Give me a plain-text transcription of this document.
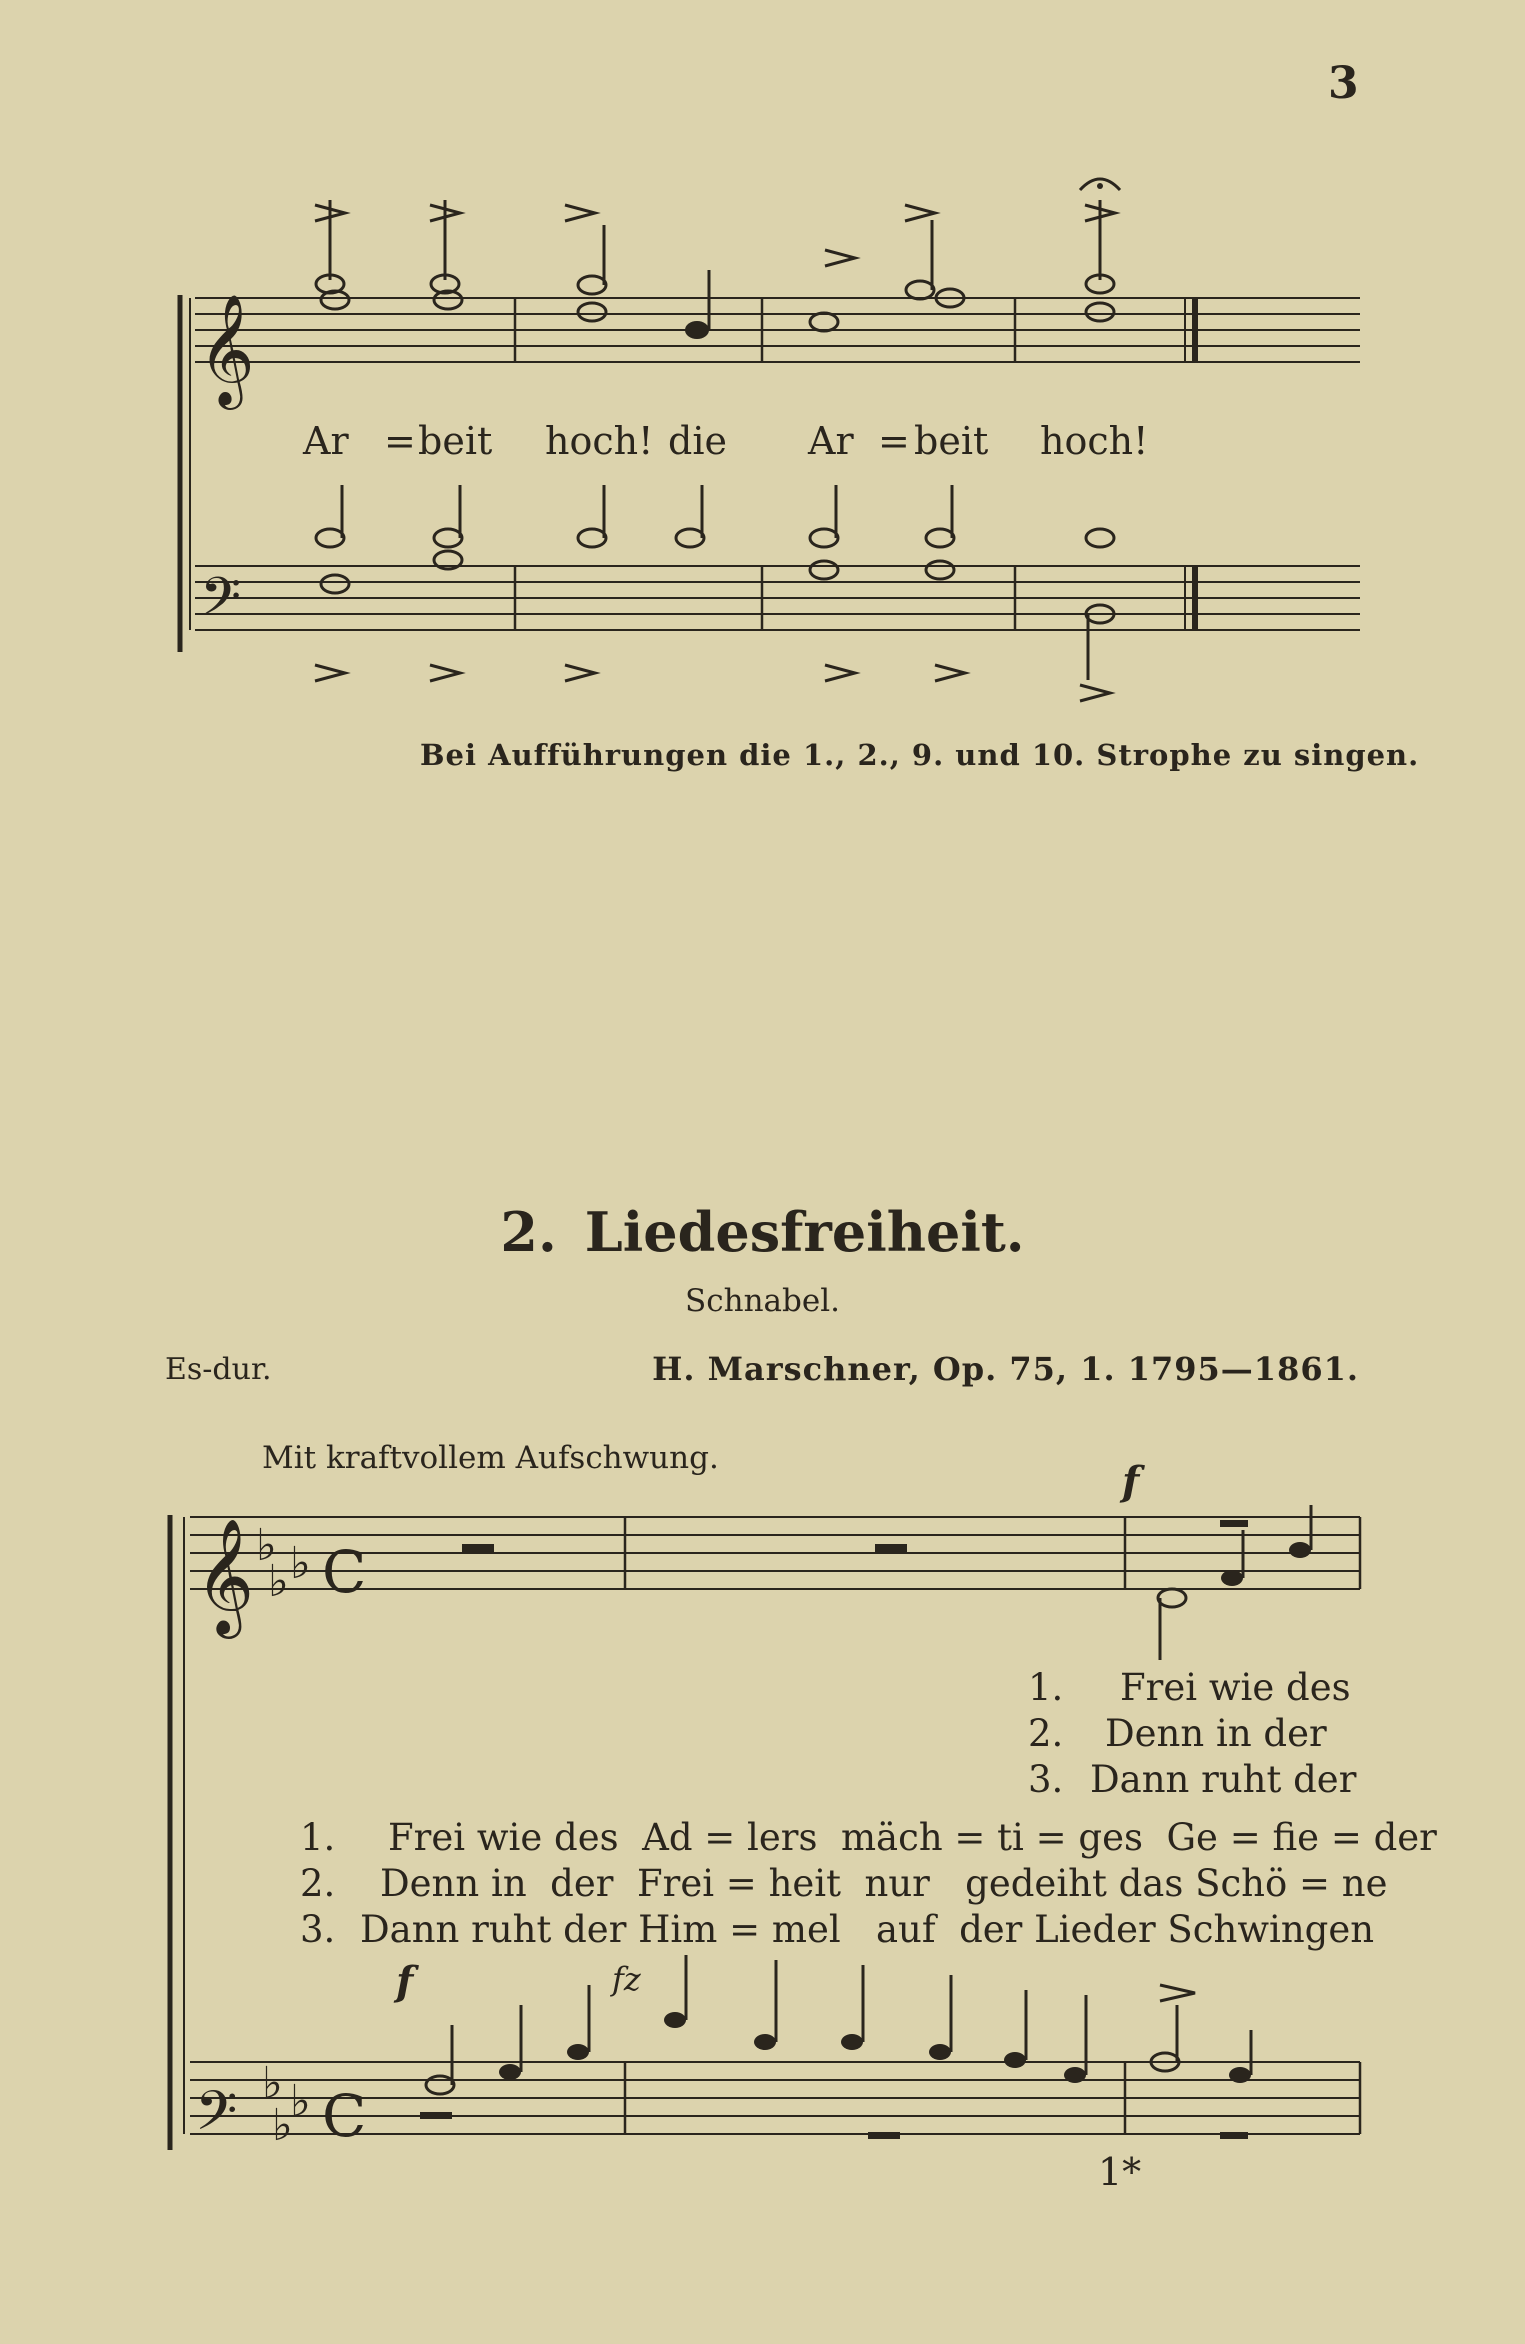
3
𝄞
𝄢
Ar = beit hoch! die Ar = beit hoch!
𝄞 ♭ ♭
♭ C
𝄢 ♭ ♭
♭ C
f
f	fz
1. Frei wie des
2. Denn in der
3. Dann ruht der
1. Frei wie des  Ad = lers  mäch = ti = ges  Ge = fie = der
2. Denn in  der  Frei = heit  nur   gedeiht das Schö = ne
3. Dann ruht der Him = mel   auf  der Lieder Schwingen
Bei Aufführungen die 1., 2., 9. und 10. Strophe zu singen.
2. Liedesfreiheit.
Schnabel.
Es-dur.	H. Marschner, Op. 75, 1. 1795—1861.
Mit kraftvollem Aufschwung.
1*
